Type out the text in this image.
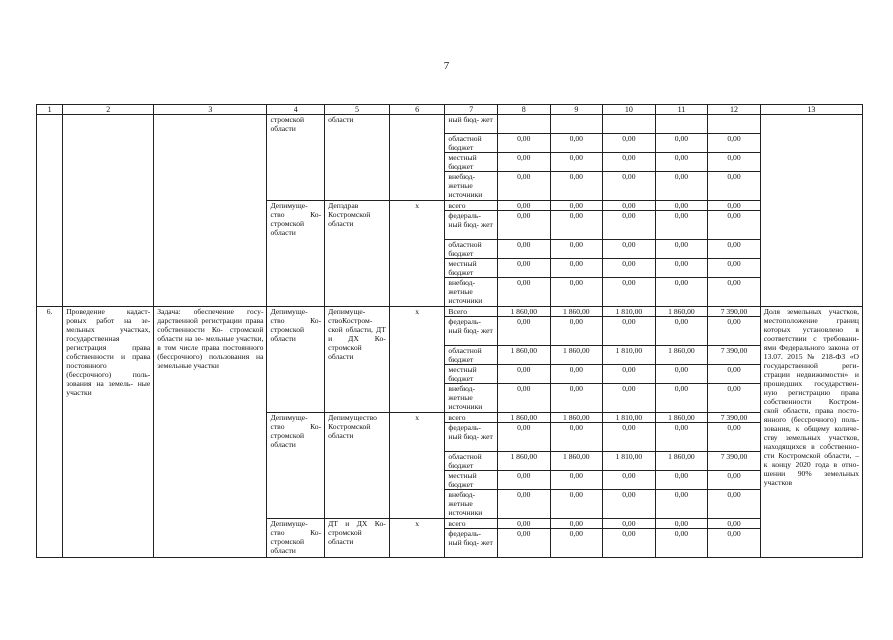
7
1	2	3	4	5	6	7	8	9	10	11	12	13
			стромской области	области		ный бюд- жет						
						областной бюджет	0,00	0,00	0,00	0,00	0,00	
						местный бюджет	0,00	0,00	0,00	0,00	0,00	
						внебюд- жетные источники	0,00	0,00	0,00	0,00	0,00	
			Депимуще- ство Ко- стромской области	Депздрав Костромской области	х	всего	0,00	0,00	0,00	0,00	0,00	
						федераль- ный бюд- жет	0,00	0,00	0,00	0,00	0,00	
						областной бюджет	0,00	0,00	0,00	0,00	0,00	
						местный бюджет	0,00	0,00	0,00	0,00	0,00	
						внебюд- жетные источники	0,00	0,00	0,00	0,00	0,00	
6.	Проведение кадаст- ровых работ на зе- мельных участках, государственная регистрация права собственности и права постоянного (бессрочного) поль- зования на земель- ные участки	Задача: обеспечение госу- дарственной регистрации права собственности Ко- стромской области на зе- мельные участки, в том числе права постоянного (бессрочного) пользования на земельные участки	Депимуще- ство Ко- стромской области	Депимуще- ствоКостром- ской области, ДТ и ДХ Ко- стромской области	х	Всего	1 860,00	1 860,00	1 810,00	1 860,00	7 390,00	Доля земельных участков, местоположение границ которых установлено в соответствии с требовани- ями Федерального закона от 13.07. 2015 № 218-ФЗ «О государственной реги- страции недвижимости» и прошедших государствен- ную регистрацию права собственности Костром- ской области, права посто- янного (бессрочного) поль- зования, к общему количе- ству земельных участков, находящихся в собственно- сти Костромской области, – к концу 2020 года в отно- шении 90% земельных участков
						федераль- ный бюд- жет	0,00	0,00	0,00	0,00	0,00	
						областной бюджет	1 860,00	1 860,00	1 810,00	1 860,00	7 390,00	
						местный бюджет	0,00	0,00	0,00	0,00	0,00	
						внебюд- жетные источники	0,00	0,00	0,00	0,00	0,00	
			Депимуще- ство Ко- стромской области	Депимущество Костромской области	х	всего	1 860,00	1 860,00	1 810,00	1 860,00	7 390,00	
						федераль- ный бюд- жет	0,00	0,00	0,00	0,00	0,00	
						областной бюджет	1 860,00	1 860,00	1 810,00	1 860,00	7 390,00	
						местный бюджет	0,00	0,00	0,00	0,00	0,00	
						внебюд- жетные источники	0,00	0,00	0,00	0,00	0,00	
			Депимуще- ство Ко- стромской области	ДТ и ДХ Ко- стромской области	х	всего	0,00	0,00	0,00	0,00	0,00	
						федераль- ный бюд- жет	0,00	0,00	0,00	0,00	0,00	
